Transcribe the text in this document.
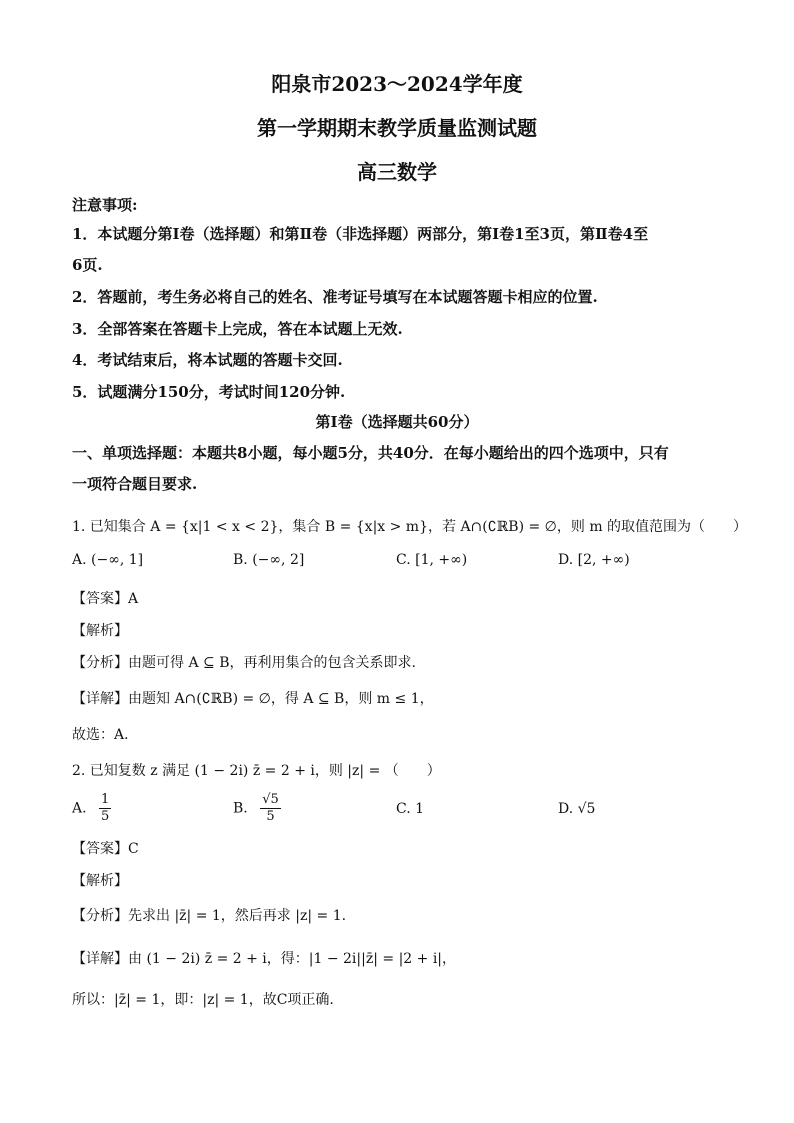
阳泉市2023～2024学年度
第一学期期末教学质量监测试题
高三数学
注意事项:
1．本试题分第Ⅰ卷（选择题）和第Ⅱ卷（非选择题）两部分，第Ⅰ卷1至3页，第Ⅱ卷4至
6页.
2．答题前，考生务必将自己的姓名、准考证号填写在本试题答题卡相应的位置.
3．全部答案在答题卡上完成，答在本试题上无效.
4．考试结束后，将本试题的答题卡交回.
5．试题满分150分，考试时间120分钟.
第Ⅰ卷（选择题共60分）
一、单项选择题：本题共8小题，每小题5分，共40分．在每小题给出的四个选项中，只有
一项符合题目要求.
1. 已知集合 A = {x|1 < x < 2}，集合 B = {x|x > m}，若 A∩(∁ℝB) = ∅，则 m 的取值范围为（　　）
A. (−∞, 1]	B. (−∞, 2]	C. [1, +∞)	D. [2, +∞)
【答案】A
【解析】
【分析】由题可得 A ⊆ B，再利用集合的包含关系即求.
【详解】由题知 A∩(∁ℝB) = ∅，得 A ⊆ B，则 m ≤ 1，
故选：A．
2. 已知复数 z 满足 (1 − 2i) z̄ = 2 + i，则 |z| = （　　）
A. $\frac{1}{5}$	B. $\frac{√5}{5}$	C. 1	D. √5
【答案】C
【解析】
【分析】先求出 |z̄| = 1，然后再求 |z| = 1.
【详解】由 (1 − 2i) z̄ = 2 + i，得：|1 − 2i||z̄| = |2 + i|，
所以：|z̄| = 1，即：|z| = 1，故C项正确.
